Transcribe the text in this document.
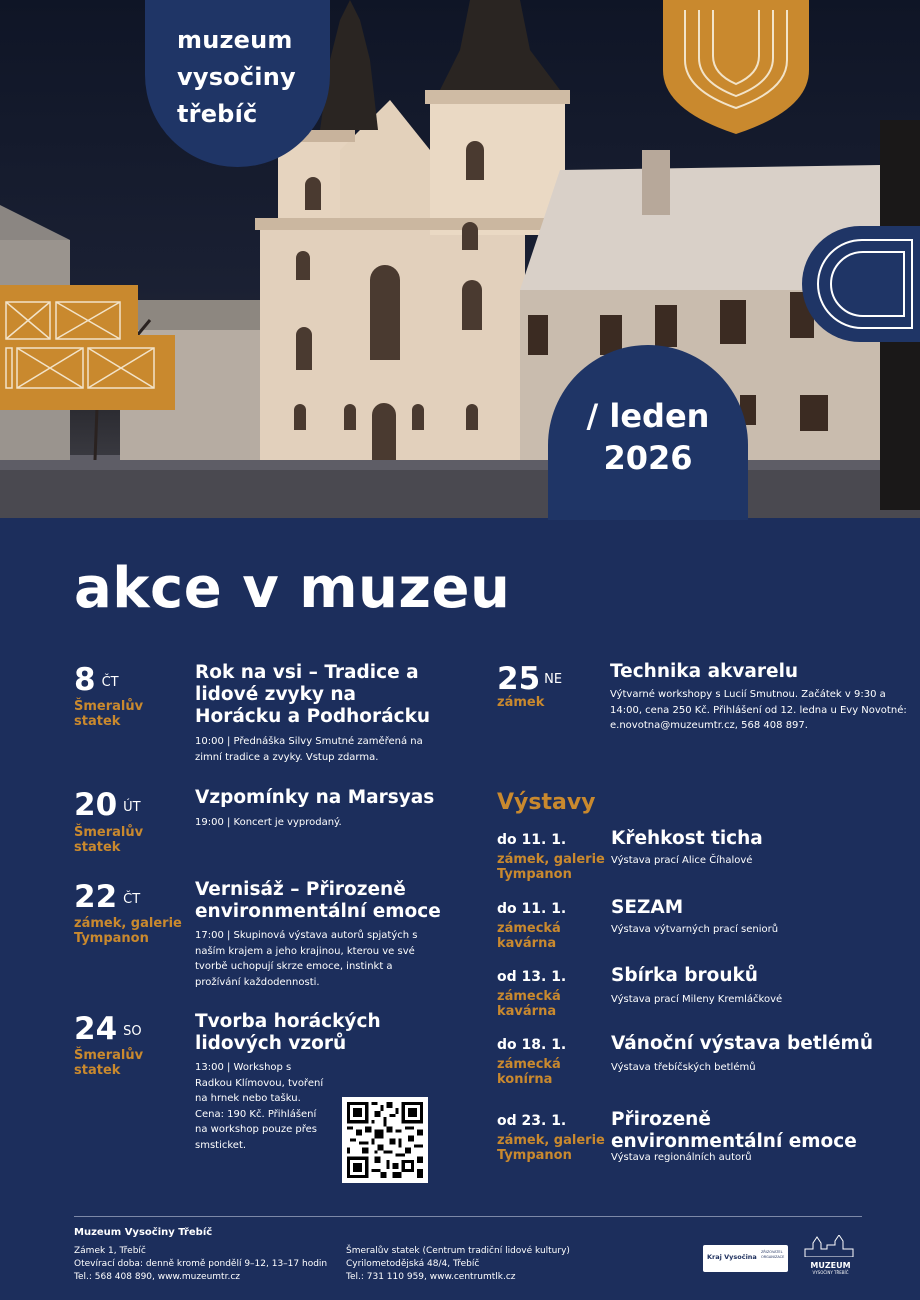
muzeum
vysočiny
třebíč
/ leden
2026
akce v muzeu
8 ČT
Šmeralův statek
Rok na vsi – Tradice a lidové zvyky na Horácku a Podhorácku
10:00 | Přednáška Silvy Smutné zaměřená na zimní tradice a zvyky. Vstup zdarma.
20 ÚT
Šmeralův statek
Vzpomínky na Marsyas
19:00 | Koncert je vyprodaný.
22 ČT
zámek, galerie Tympanon
Vernisáž – Přirozeně environmentální emoce
17:00 | Skupinová výstava autorů spjatých s naším krajem a jeho krajinou, kterou ve své tvorbě uchopují skrze emoce, instinkt a prožívání každodennosti.
24 SO
Šmeralův statek
Tvorba horáckých lidových vzorů
13:00 | Workshop s Radkou Klímovou, tvoření na hrnek nebo tašku. Cena: 190 Kč. Přihlášení na workshop pouze přes smsticket.
25 NE
zámek
Technika akvarelu
Výtvarné workshopy s Lucií Smutnou. Začátek v 9:30 a 14:00, cena 250 Kč. Přihlášení od 12. ledna u Evy Novotné: e.novotna@muzeumtr.cz, 568 408 897.
Výstavy
do 11. 1.
zámek, galerie Tympanon
Křehkost ticha
Výstava prací Alice Číhalové
do 11. 1.
zámecká kavárna
SEZAM
Výstava výtvarných prací seniorů
od 13. 1.
zámecká kavárna
Sbírka brouků
Výstava prací Mileny Kremláčkové
do 18. 1.
zámecká konírna
Vánoční výstava betlémů
Výstava třebíčských betlémů
od 23. 1.
zámek, galerie Tympanon
Přirozeně environmentální emoce
Výstava regionálních autorů
Muzeum Vysočiny Třebíč
Zámek 1, Třebíč
Otevírací doba: denně kromě pondělí 9–12, 13–17 hodin
Tel.: 568 408 890, www.muzeumtr.cz
Šmeralův statek (Centrum tradiční lidové kultury)
Cyrilometodějská 48/4, Třebíč
Tel.: 731 110 959, www.centrumtlk.cz
Kraj Vysočina
ZŘIZOVATEL ORGANIZACE
MUZEUM
VYSOČINY TŘEBÍČ
